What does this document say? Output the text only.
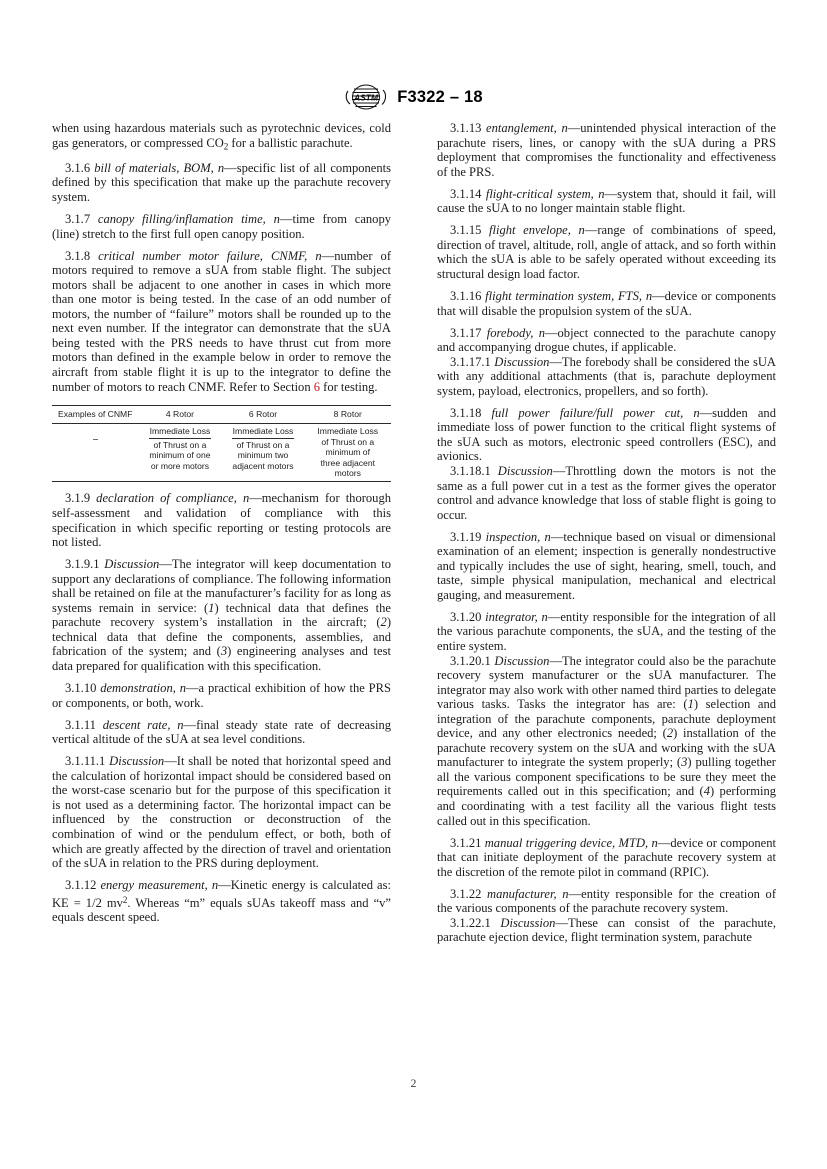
ASTM F3322 – 18

when using hazardous materials such as pyrotechnic devices, cold gas generators, or compressed $CO_2$ for a ballistic parachute.

3.1.6 bill of materials, BOM, n—specific list of all components defined by this specification that make up the parachute recovery system.

3.1.7 canopy filling/inflamation time, n—time from canopy (line) stretch to the first full open canopy position.

3.1.8 critical number motor failure, CNMF, n—number of motors required to remove a sUA from stable flight. The subject motors shall be adjacent to one another in cases in which more than one motor is being tested. In the case of an odd number of motors, the number of “failure” motors shall be rounded up to the next even number. If the integrator can demonstrate that the sUA being tested with the PRS needs to have thrust cut from more motors than defined in the example below in order to remove the aircraft from stable flight it is up to the integrator to define the number of motors to reach CNMF. Refer to Section 6 for testing.

Examples of CNMF	4 Rotor	6 Rotor	8 Rotor
	Immediate Loss
of Thrust on a
minimum of one
or more motors	Immediate Loss
of Thrust on a
minimum two
adjacent motors	Immediate Loss
of Thrust on a
minimum of
three adjacent
motors

3.1.9 declaration of compliance, n—mechanism for thorough self-assessment and validation of compliance with this specification in which specific reporting or testing protocols are not listed.

3.1.9.1 Discussion—The integrator will keep documentation to support any declarations of compliance. The following information shall be retained on file at the manufacturer’s facility for as long as systems remain in service: (1) technical data that defines the parachute recovery system’s installation in the aircraft; (2) technical data that define the components, assemblies, and fabrication of the system; and (3) engineering analyses and test data prepared for qualification with this specification.

3.1.10 demonstration, n—a practical exhibition of how the PRS or components, or both, work.

3.1.11 descent rate, n—final steady state rate of decreasing vertical altitude of the sUA at sea level conditions.

3.1.11.1 Discussion—It shall be noted that horizontal speed and the calculation of horizontal impact should be considered based on the worst-case scenario but for the purpose of this specification it is not used as a determining factor. The horizontal impact can be influenced by the construction or deconstruction of the combination of wind or the pendulum effect, or both, both of which are greatly affected by the direction of travel and orientation of the sUA in relation to the PRS during deployment.

3.1.12 energy measurement, n—Kinetic energy is calculated as: KE = 1/2 $mv^2$. Whereas “m” equals sUAs takeoff mass and “v” equals descent speed.

3.1.13 entanglement, n—unintended physical interaction of the parachute risers, lines, or canopy with the sUA during a PRS deployment that compromises the functionality and effectiveness of the PRS.

3.1.14 flight-critical system, n—system that, should it fail, will cause the sUA to no longer maintain stable flight.

3.1.15 flight envelope, n—range of combinations of speed, direction of travel, altitude, roll, angle of attack, and so forth within which the sUA is able to be safely operated without exceeding its structural design load factor.

3.1.16 flight termination system, FTS, n—device or components that will disable the propulsion system of the sUA.

3.1.17 forebody, n—object connected to the parachute canopy and accompanying drogue chutes, if applicable.

3.1.17.1 Discussion—The forebody shall be considered the sUA with any additional attachments (that is, parachute deployment system, payload, electronics, propellers, and so forth).

3.1.18 full power failure/full power cut, n—sudden and immediate loss of power function to the critical flight systems of the sUA such as motors, electronic speed controllers (ESC), and avionics.

3.1.18.1 Discussion—Throttling down the motors is not the same as a full power cut in a test as the former gives the operator control and advance knowledge that loss of stable flight is going to occur.

3.1.19 inspection, n—technique based on visual or dimensional examination of an element; inspection is generally nondestructive and typically includes the use of sight, hearing, smell, touch, and taste, simple physical manipulation, mechanical and electrical gauging, and measurement.

3.1.20 integrator, n—entity responsible for the integration of all the various parachute components, the sUA, and the testing of the entire system.

3.1.20.1 Discussion—The integrator could also be the parachute recovery system manufacturer or the sUA manufacturer. The integrator may also work with other named third parties to delegate various tasks. Tasks the integrator has are: (1) selection and integration of the parachute components, parachute deployment device, and any other electronics needed; (2) installation of the parachute recovery system on the sUA and working with the sUA manufacturer to integrate the system properly; (3) pulling together all the various component specifications to be sure they meet the requirements called out in this specification; and (4) performing and coordinating with a test facility all the various flight tests called out in this specification.

3.1.21 manual triggering device, MTD, n—device or component that can initiate deployment of the parachute recovery system at the discretion of the remote pilot in command (RPIC).

3.1.22 manufacturer, n—entity responsible for the creation of the various components of the parachute recovery system.

3.1.22.1 Discussion—These can consist of the parachute, parachute ejection device, flight termination system, parachute

2
